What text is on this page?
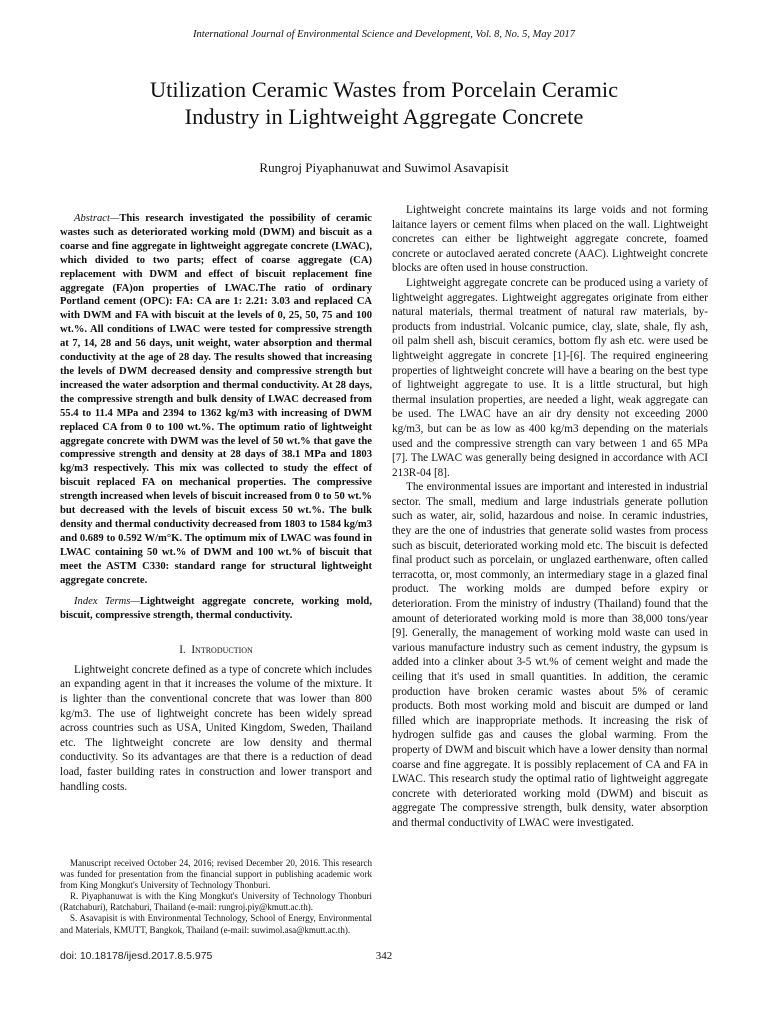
International Journal of Environmental Science and Development, Vol. 8, No. 5, May 2017
Utilization Ceramic Wastes from Porcelain Ceramic
Industry in Lightweight Aggregate Concrete
Rungroj Piyaphanuwat and Suwimol Asavapisit

Abstract—This research investigated the possibility of ceramic wastes such as deteriorated working mold (DWM) and biscuit as a coarse and fine aggregate in lightweight aggregate concrete (LWAC), which divided to two parts; effect of coarse aggregate (CA) replacement with DWM and effect of biscuit replacement fine aggregate (FA)on properties of LWAC.The ratio of ordinary Portland cement (OPC): FA: CA are 1: 2.21: 3.03 and replaced CA with DWM and FA with biscuit at the levels of 0, 25, 50, 75 and 100 wt.%. All conditions of LWAC were tested for compressive strength at 7, 14, 28 and 56 days, unit weight, water absorption and thermal conductivity at the age of 28 day. The results showed that increasing the levels of DWM decreased density and compressive strength but increased the water adsorption and thermal conductivity. At 28 days, the compressive strength and bulk density of LWAC decreased from 55.4 to 11.4 MPa and 2394 to 1362 kg/m3 with increasing of DWM replaced CA from 0 to 100 wt.%. The optimum ratio of lightweight aggregate concrete with DWM was the level of 50 wt.% that gave the compressive strength and density at 28 days of 38.1 MPa and 1803 kg/m3 respectively. This mix was collected to study the effect of biscuit replaced FA on mechanical properties. The compressive strength increased when levels of biscuit increased from 0 to 50 wt.% but decreased with the levels of biscuit excess 50 wt.%. The bulk density and thermal conductivity decreased from 1803 to 1584 kg/m3 and 0.689 to 0.592 W/m°K. The optimum mix of LWAC was found in LWAC containing 50 wt.% of DWM and 100 wt.% of biscuit that meet the ASTM C330: standard range for structural lightweight aggregate concrete.

Index Terms—Lightweight aggregate concrete, working mold, biscuit, compressive strength, thermal conductivity.

I. Introduction

Lightweight concrete defined as a type of concrete which includes an expanding agent in that it increases the volume of the mixture. It is lighter than the conventional concrete that was lower than 800 kg/m3. The use of lightweight concrete has been widely spread across countries such as USA, United Kingdom, Sweden, Thailand etc. The lightweight concrete are low density and thermal conductivity. So its advantages are that there is a reduction of dead load, faster building rates in construction and lower transport and handling costs.

Manuscript received October 24, 2016; revised December 20, 2016. This research was funded for presentation from the financial support in publishing academic work from King Mongkut's University of Technology Thonburi.

R. Piyaphanuwat is with the King Mongkut's University of Technology Thonburi (Ratchaburi), Ratchaburi, Thailand (e-mail: rungroj.piy@kmutt.ac.th).

S. Asavapisit is with Environmental Technology, School of Energy, Environmental and Materials, KMUTT, Bangkok, Thailand (e-mail: suwimol.asa@kmutt.ac.th).

Lightweight concrete maintains its large voids and not forming laitance layers or cement films when placed on the wall. Lightweight concretes can either be lightweight aggregate concrete, foamed concrete or autoclaved aerated concrete (AAC). Lightweight concrete blocks are often used in house construction.

Lightweight aggregate concrete can be produced using a variety of lightweight aggregates. Lightweight aggregates originate from either natural materials, thermal treatment of natural raw materials, by-products from industrial. Volcanic pumice, clay, slate, shale, fly ash, oil palm shell ash, biscuit ceramics, bottom fly ash etc. were used be lightweight aggregate in concrete [1]-[6]. The required engineering properties of lightweight concrete will have a bearing on the best type of lightweight aggregate to use. It is a little structural, but high thermal insulation properties, are needed a light, weak aggregate can be used. The LWAC have an air dry density not exceeding 2000 kg/m3, but can be as low as 400 kg/m3 depending on the materials used and the compressive strength can vary between 1 and 65 MPa [7]. The LWAC was generally being designed in accordance with ACI 213R-04 [8].

The environmental issues are important and interested in industrial sector. The small, medium and large industrials generate pollution such as water, air, solid, hazardous and noise. In ceramic industries, they are the one of industries that generate solid wastes from process such as biscuit, deteriorated working mold etc. The biscuit is defected final product such as porcelain, or unglazed earthenware, often called terracotta, or, most commonly, an intermediary stage in a glazed final product. The working molds are dumped before expiry or deterioration. From the ministry of industry (Thailand) found that the amount of deteriorated working mold is more than 38,000 tons/year [9]. Generally, the management of working mold waste can used in various manufacture industry such as cement industry, the gypsum is added into a clinker about 3-5 wt.% of cement weight and made the ceiling that it's used in small quantities. In addition, the ceramic production have broken ceramic wastes about 5% of ceramic products. Both most working mold and biscuit are dumped or land filled which are inappropriate methods. It increasing the risk of hydrogen sulfide gas and causes the global warming. From the property of DWM and biscuit which have a lower density than normal coarse and fine aggregate. It is possibly replacement of CA and FA in LWAC. This research study the optimal ratio of lightweight aggregate concrete with deteriorated working mold (DWM) and biscuit as aggregate The compressive strength, bulk density, water absorption and thermal conductivity of LWAC were investigated.

doi: 10.18178/ijesd.2017.8.5.975	342
